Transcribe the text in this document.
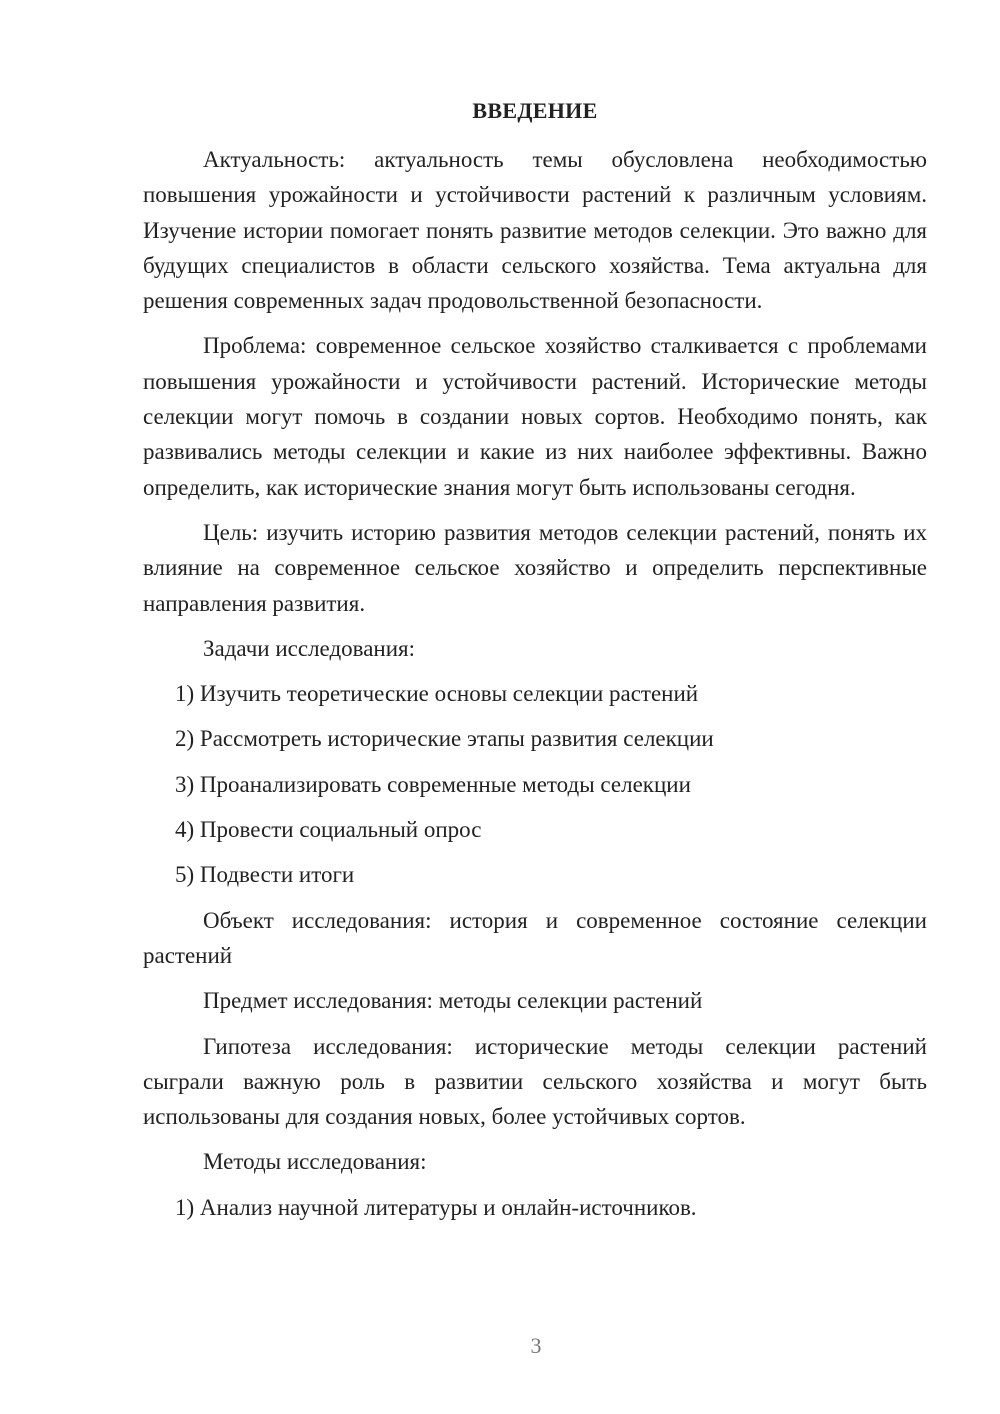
ВВЕДЕНИЕ

Актуальность: актуальность темы обусловлена необходимостью повышения урожайности и устойчивости растений к различным условиям. Изучение истории помогает понять развитие методов селекции. Это важно для будущих специалистов в области сельского хозяйства. Тема актуальна для решения современных задач продовольственной безопасности.

Проблема: современное сельское хозяйство сталкивается с проблемами повышения урожайности и устойчивости растений. Исторические методы селекции могут помочь в создании новых сортов. Необходимо понять, как развивались методы селекции и какие из них наиболее эффективны. Важно определить, как исторические знания могут быть использованы сегодня.

Цель: изучить историю развития методов селекции растений, понять их влияние на современное сельское хозяйство и определить перспективные направления развития.

Задачи исследования:

1) Изучить теоретические основы селекции растений
2) Рассмотреть исторические этапы развития селекции
3) Проанализировать современные методы селекции
4) Провести социальный опрос
5) Подвести итоги

Объект исследования: история и современное состояние селекции растений

Предмет исследования: методы селекции растений

Гипотеза исследования: исторические методы селекции растений сыграли важную роль в развитии сельского хозяйства и могут быть использованы для создания новых, более устойчивых сортов.

Методы исследования:

1) Анализ научной литературы и онлайн-источников.
3
